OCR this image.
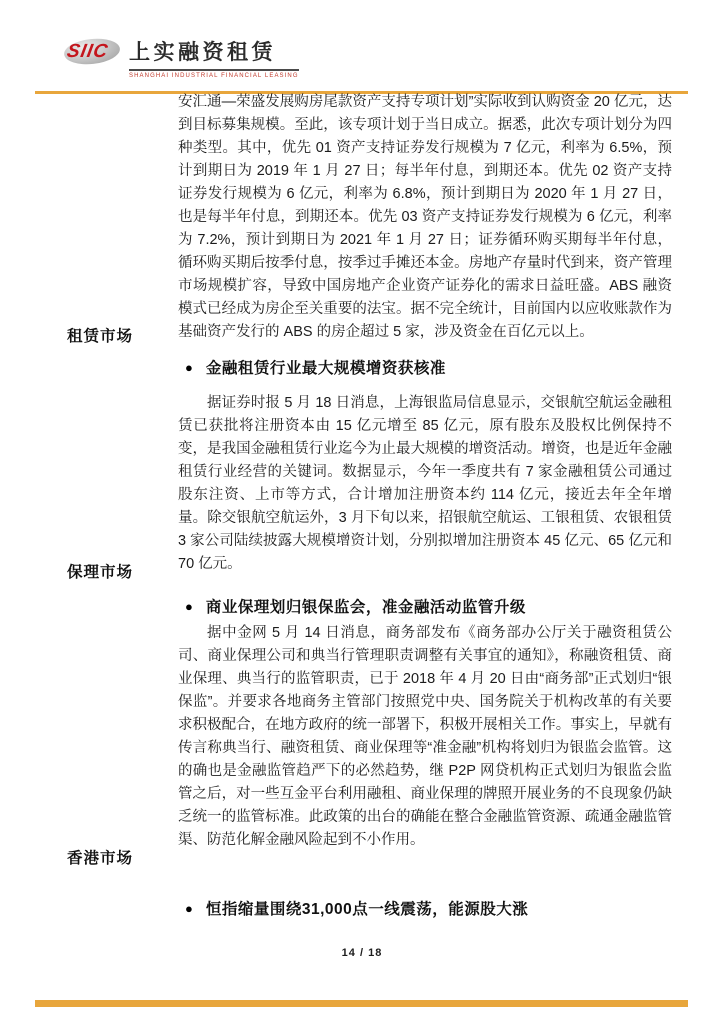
SIIC 上实融资租赁
SHANGHAI INDUSTRIAL FINANCIAL LEASING

安汇通—荣盛发展购房尾款资产支持专项计划”实际收到认购资金 20 亿元，达到目标募集规模。至此，该专项计划于当日成立。据悉，此次专项计划分为四种类型。其中，优先 01 资产支持证券发行规模为 7 亿元，利率为 6.5%，预计到期日为 2019 年 1 月 27 日；每半年付息，到期还本。优先 02 资产支持证券发行规模为 6 亿元，利率为 6.8%，预计到期日为 2020 年 1 月 27 日，也是每半年付息，到期还本。优先 03 资产支持证券发行规模为 6 亿元，利率为 7.2%，预计到期日为 2021 年 1 月 27 日；证券循环购买期每半年付息，循环购买期后按季付息，按季过手摊还本金。房地产存量时代到来，资产管理市场规模扩容，导致中国房地产企业资产证券化的需求日益旺盛。ABS 融资模式已经成为房企至关重要的法宝。据不完全统计，目前国内以应收账款作为基础资产发行的 ABS 的房企超过 5 家，涉及资金在百亿元以上。

租赁市场
● 金融租赁行业最大规模增资获核准

据证券时报 5 月 18 日消息，上海银监局信息显示，交银航空航运金融租赁已获批将注册资本由 15 亿元增至 85 亿元，原有股东及股权比例保持不变，是我国金融租赁行业迄今为止最大规模的增资活动。增资，也是近年金融租赁行业经营的关键词。数据显示，今年一季度共有 7 家金融租赁公司通过股东注资、上市等方式，合计增加注册资本约 114 亿元，接近去年全年增量。除交银航空航运外，3 月下旬以来，招银航空航运、工银租赁、农银租赁 3 家公司陆续披露大规模增资计划，分别拟增加注册资本 45 亿元、65 亿元和 70 亿元。

保理市场
● 商业保理划归银保监会，准金融活动监管升级

据中金网 5 月 14 日消息，商务部发布《商务部办公厅关于融资租赁公司、商业保理公司和典当行管理职责调整有关事宜的通知》，称融资租赁、商业保理、典当行的监管职责，已于 2018 年 4 月 20 日由“商务部”正式划归“银保监”。并要求各地商务主管部门按照党中央、国务院关于机构改革的有关要求积极配合，在地方政府的统一部署下，积极开展相关工作。事实上，早就有传言称典当行、融资租赁、商业保理等“准金融”机构将划归为银监会监管。这的确也是金融监管趋严下的必然趋势，继 P2P 网贷机构正式划归为银监会监管之后，对一些互金平台利用融租、商业保理的牌照开展业务的不良现象仍缺乏统一的监管标准。此政策的出台的确能在整合金融监管资源、疏通金融监管渠、防范化解金融风险起到不小作用。

香港市场
● 恒指缩量围绕31,000点一线震荡，能源股大涨
14 / 18
